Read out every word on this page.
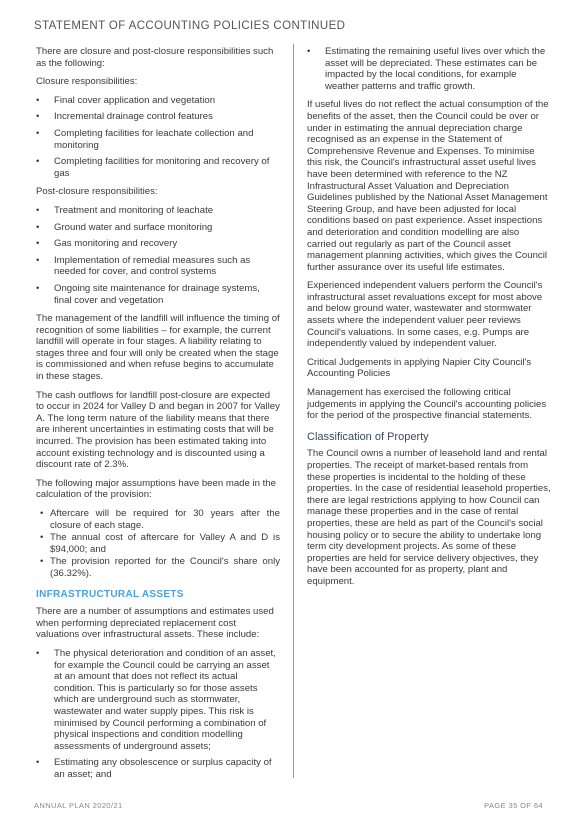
STATEMENT OF ACCOUNTING POLICIES CONTINUED

There are closure and post-closure responsibilities such as the following:

Closure responsibilities:

• Final cover application and vegetation
• Incremental drainage control features
• Completing facilities for leachate collection and monitoring
• Completing facilities for monitoring and recovery of gas

Post-closure responsibilities:

• Treatment and monitoring of leachate
• Ground water and surface monitoring
• Gas monitoring and recovery
• Implementation of remedial measures such as needed for cover, and control systems
• Ongoing site maintenance for drainage systems, final cover and vegetation

The management of the landfill will influence the timing of recognition of some liabilities – for example, the current landfill will operate in four stages. A liability relating to stages three and four will only be created when the stage is commissioned and when refuse begins to accumulate in these stages.

The cash outflows for landfill post-closure are expected to occur in 2024 for Valley D and began in 2007 for Valley A. The long term nature of the liability means that there are inherent uncertainties in estimating costs that will be incurred. The provision has been estimated taking into account existing technology and is discounted using a discount rate of 2.3%.

The following major assumptions have been made in the calculation of the provision:

• Aftercare will be required for 30 years after the closure of each stage.
• The annual cost of aftercare for Valley A and D is $94,000; and
• The provision reported for the Council's share only (36.32%).
INFRASTRUCTURAL ASSETS

There are a number of assumptions and estimates used when performing depreciated replacement cost valuations over infrastructural assets. These include:

• The physical deterioration and condition of an asset, for example the Council could be carrying an asset at an amount that does not reflect its actual condition. This is particularly so for those assets which are underground such as stormwater, wastewater and water supply pipes. This risk is minimised by Council performing a combination of physical inspections and condition modelling assessments of underground assets;
• Estimating any obsolescence or surplus capacity of an asset; and
• Estimating the remaining useful lives over which the asset will be depreciated. These estimates can be impacted by the local conditions, for example weather patterns and traffic growth.

If useful lives do not reflect the actual consumption of the benefits of the asset, then the Council could be over or under in estimating the annual depreciation charge recognised as an expense in the Statement of Comprehensive Revenue and Expenses. To minimise this risk, the Council's infrastructural asset useful lives have been determined with reference to the NZ Infrastructural Asset Valuation and Depreciation Guidelines published by the National Asset Management Steering Group, and have been adjusted for local conditions based on past experience. Asset inspections and deterioration and condition modelling are also carried out regularly as part of the Council asset management planning activities, which gives the Council further assurance over its useful life estimates.

Experienced independent valuers perform the Council's infrastructural asset revaluations except for most above and below ground water, wastewater and stormwater assets where the independent valuer peer reviews Council's valuations. In some cases, e.g. Pumps are independently valued by independent valuer.

Critical Judgements in applying Napier City Council's Accounting Policies

Management has exercised the following critical judgements in applying the Council's accounting policies for the period of the prospective financial statements.

Classification of Property

The Council owns a number of leasehold land and rental properties. The receipt of market-based rentals from these properties is incidental to the holding of these properties. In the case of residential leasehold properties, there are legal restrictions applying to how Council can manage these properties and in the case of rental properties, these are held as part of the Council's social housing policy or to secure the ability to undertake long term city development projects. As some of these properties are held for service delivery objectives, they have been accounted for as property, plant and equipment.

ANNUAL PLAN 2020/21	PAGE 35 OF 64
